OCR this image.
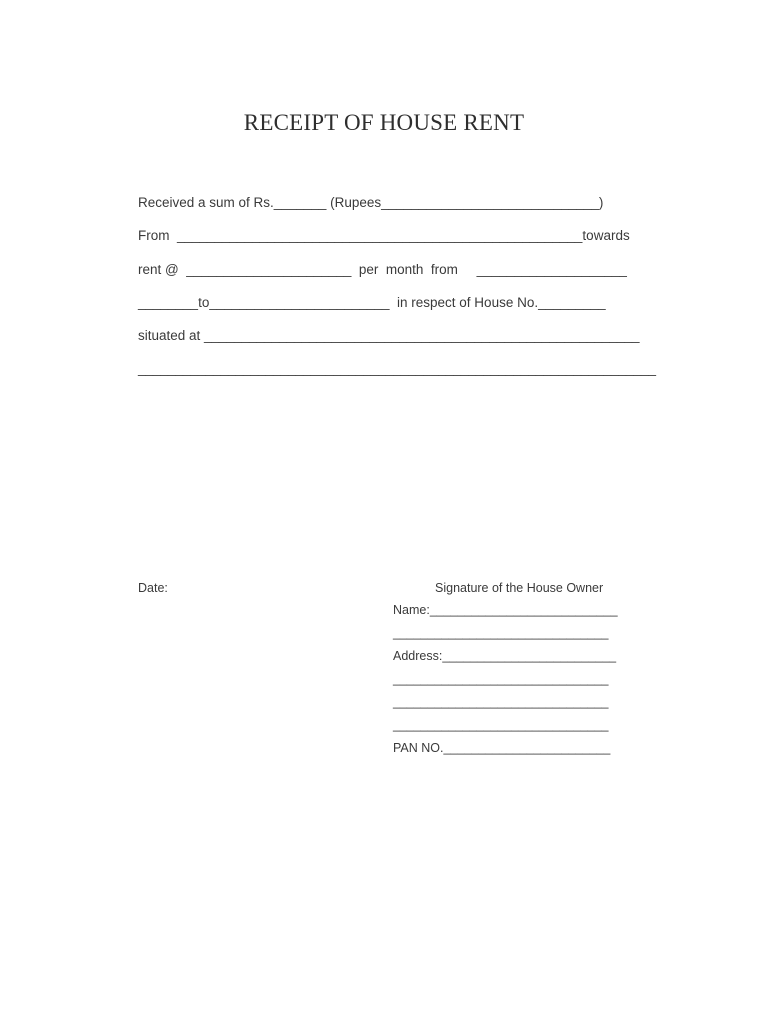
RECEIPT OF HOUSE RENT
Received a sum of Rs._______ (Rupees_____________________________)
From  ______________________________________________________towards
rent @  ______________________  per  month  from     ____________________
________to________________________  in respect of House No._________
situated at __________________________________________________________
_____________________________________________________________________
Date:	Signature of the House Owner
Name:___________________________
_______________________________
Address:_________________________
_______________________________
_______________________________
_______________________________
PAN NO.________________________
